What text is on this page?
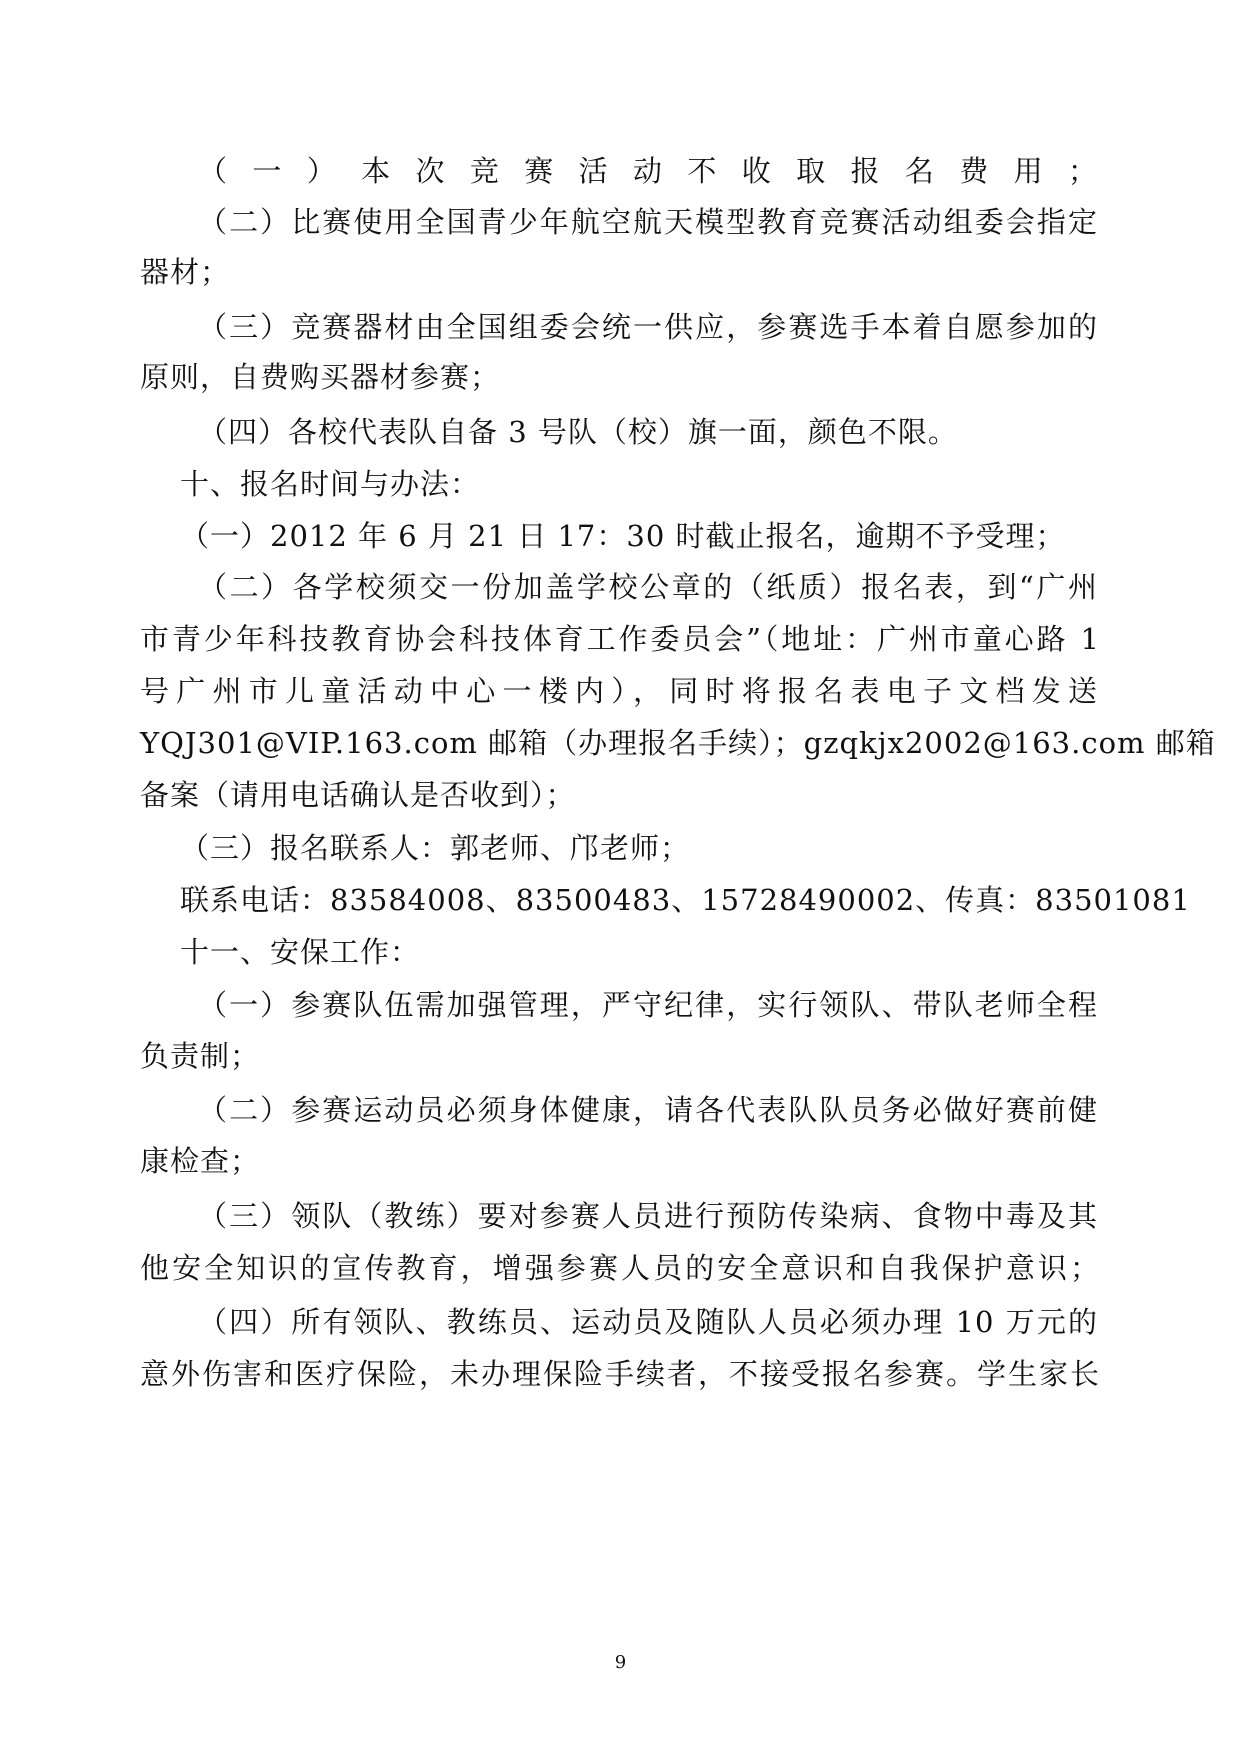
（一）本次竞赛活动不收取报名费用；
（二）比赛使用全国青少年航空航天模型教育竞赛活动组委会指定
器材；
（三）竞赛器材由全国组委会统一供应，参赛选手本着自愿参加的
原则，自费购买器材参赛；
（四）各校代表队自备 3 号队（校）旗一面，颜色不限。
十、报名时间与办法：
（一）2012 年 6 月 21 日 17：30 时截止报名，逾期不予受理；
（二）各学校须交一份加盖学校公章的（纸质）报名表，到“广州
市青少年科技教育协会科技体育工作委员会”（地址：广州市童心路 1
号广州市儿童活动中心一楼内），同时将报名表电子文档发送
YQJ301@VIP.163.com 邮箱（办理报名手续）；gzqkjx2002@163.com 邮箱
备案（请用电话确认是否收到）；
（三）报名联系人：郭老师、邝老师；
联系电话：83584008、83500483、15728490002、传真：83501081
十一、安保工作：
（一）参赛队伍需加强管理，严守纪律，实行领队、带队老师全程
负责制；
（二）参赛运动员必须身体健康，请各代表队队员务必做好赛前健
康检查；
（三）领队（教练）要对参赛人员进行预防传染病、食物中毒及其
他安全知识的宣传教育，增强参赛人员的安全意识和自我保护意识；
（四）所有领队、教练员、运动员及随队人员必须办理 10 万元的
意外伤害和医疗保险，未办理保险手续者，不接受报名参赛。学生家长
9
